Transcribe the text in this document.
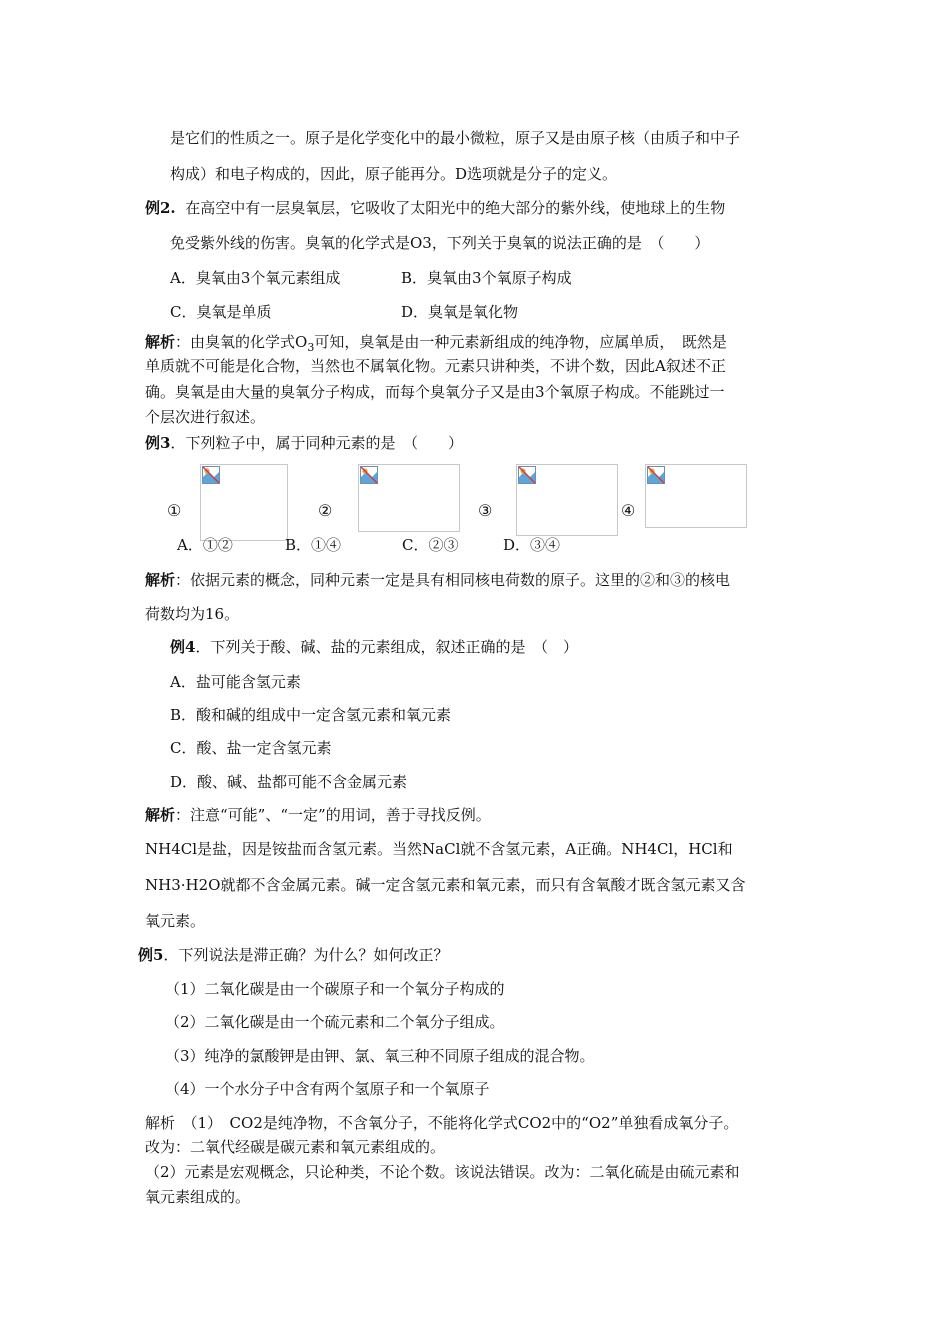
是它们的性质之一。原子是化学变化中的最小微粒，原子又是由原子核（由质子和中子
构成）和电子构成的，因此，原子能再分。D选项就是分子的定义。
例2. 在高空中有一层臭氧层，它吸收了太阳光中的绝大部分的紫外线，使地球上的生物
免受紫外线的伤害。臭氧的化学式是O3，下列关于臭氧的说法正确的是　（　　）
A．臭氧由3个氧元素组成	B．臭氧由3个氧原子构成
C．臭氧是单质	D．臭氧是氧化物
解析：由臭氧的化学式$O_3$可知，臭氧是由一种元素新组成的纯净物，应属单质，　既然是
单质就不可能是化合物，当然也不属氧化物。元素只讲种类，不讲个数，因此A叙述不正
确。臭氧是由大量的臭氧分子构成，而每个臭氧分子又是由3个氧原子构成。不能跳过一
个层次进行叙述。
例3．下列粒子中，属于同种元素的是　（　　）
①	②	③	④
A．①②	B．①④	C．②③	D．③④
解析：依据元素的概念，同种元素一定是具有相同核电荷数的原子。这里的②和③的核电
荷数均为16。
例4．下列关于酸、碱、盐的元素组成，叙述正确的是　（　）
A．盐可能含氢元素
B．酸和碱的组成中一定含氢元素和氧元素
C．酸、盐一定含氢元素
D．酸、碱、盐都可能不含金属元素
解析：注意“可能”、“一定”的用词，善于寻找反例。
NH4Cl是盐，因是铵盐而含氢元素。当然NaCl就不含氢元素，A正确。NH4Cl，HCl和
NH3·H2O就都不含金属元素。碱一定含氢元素和氧元素，而只有含氧酸才既含氢元素又含
氧元素。
例5．下列说法是滞正确？为什么？如何改正？
（1）二氧化碳是由一个碳原子和一个氧分子构成的
（2）二氧化碳是由一个硫元素和二个氧分子组成。
（3）纯净的氯酸钾是由钾、氯、氧三种不同原子组成的混合物。
（4）一个水分子中含有两个氢原子和一个氧原子
解析　（1）　CO2是纯净物，不含氧分子，不能将化学式CO2中的“O2”单独看成氧分子。
改为：二氧代经碳是碳元素和氧元素组成的。
（2）元素是宏观概念，只论种类，不论个数。该说法错误。改为：二氧化硫是由硫元素和
氧元素组成的。
